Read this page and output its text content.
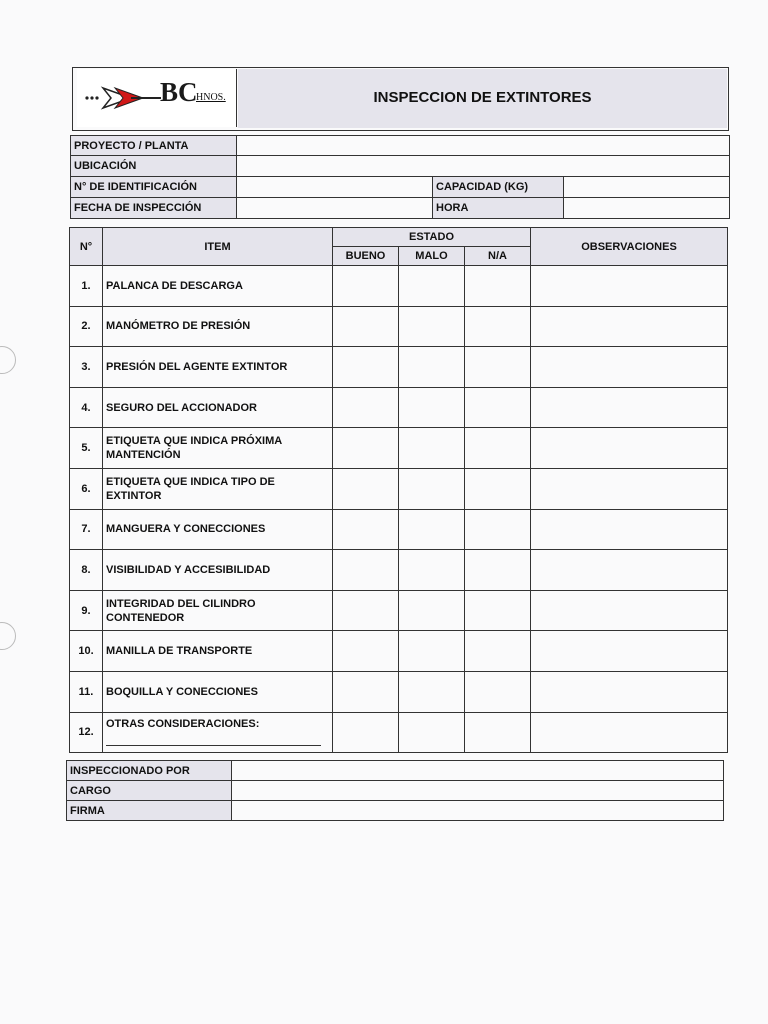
BC
HNOS.	INSPECCION DE EXTINTORES
PROYECTO / PLANTA			
UBICACIÓN			
N° DE IDENTIFICACIÓN		CAPACIDAD (KG)	
FECHA DE INSPECCIÓN		HORA	
N°	ITEM	ESTADO			OBSERVACIONES
		BUENO	MALO	N/A	
1.	PALANCA DE DESCARGA				
2.	MANÓMETRO DE PRESIÓN				
3.	PRESIÓN DEL AGENTE EXTINTOR				
4.	SEGURO DEL ACCIONADOR				
5.	ETIQUETA QUE INDICA PRÓXIMA MANTENCIÓN				
6.	ETIQUETA QUE INDICA TIPO DE EXTINTOR				
7.	MANGUERA Y CONECCIONES				
8.	VISIBILIDAD Y ACCESIBILIDAD				
9.	INTEGRIDAD DEL CILINDRO CONTENEDOR				
10.	MANILLA DE TRANSPORTE				
11.	BOQUILLA Y CONECCIONES				
12.	OTRAS CONSIDERACIONES:

INSPECCIONADO POR	
CARGO	
FIRMA	
